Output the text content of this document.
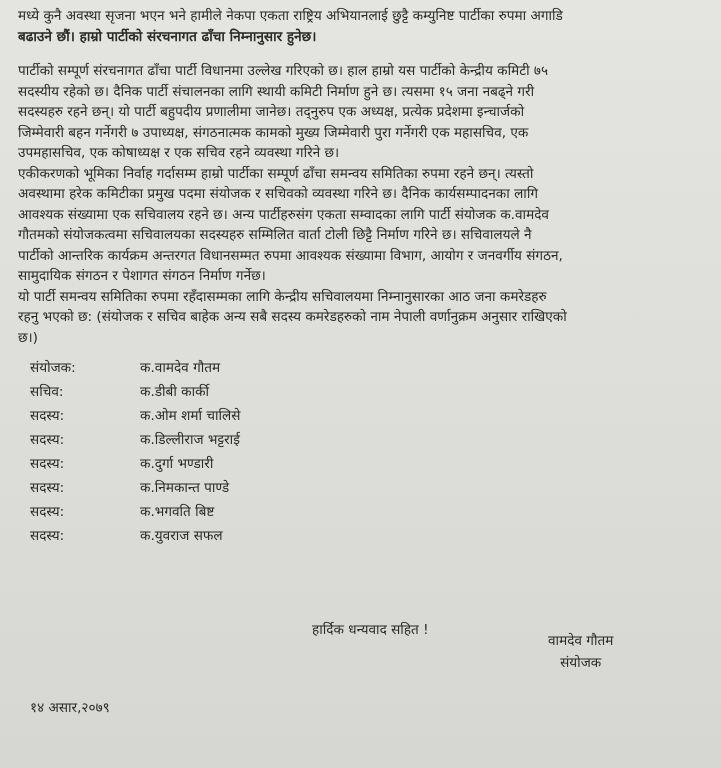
मध्ये कुनै अवस्था सृजना भएन भने हामीले नेकपा एकता राष्ट्रिय अभियानलाई छुट्टै कम्युनिष्ट पार्टीका रुपमा अगाडि
बढाउने छौं। हाम्रो पार्टीको संरचनागत ढाँचा निम्नानुसार हुनेछ।
पार्टीको सम्पूर्ण संरचनागत ढाँचा पार्टी विधानमा उल्लेख गरिएको छ। हाल हाम्रो यस पार्टीको केन्द्रीय कमिटी ७५
सदस्यीय रहेको छ। दैनिक पार्टी संचालनका लागि स्थायी कमिटी निर्माण हुने छ। त्यसमा १५ जना नबढ्ने गरी
सदस्यहरु रहने छन्। यो पार्टी बहुपदीय प्रणालीमा जानेछ। तद्नुरुप एक अध्यक्ष, प्रत्येक प्रदेशमा इन्चार्जको
जिम्मेवारी बहन गर्नेगरी ७ उपाध्यक्ष, संगठनात्मक कामको मुख्य जिम्मेवारी पुरा गर्नेगरी एक महासचिव, एक
उपमहासचिव, एक कोषाध्यक्ष र एक सचिव रहने व्यवस्था गरिने छ।
एकीकरणको भूमिका निर्वाह गर्दासम्म हाम्रो पार्टीका सम्पूर्ण ढाँचा समन्वय समितिका रुपमा रहने छन्। त्यस्तो
अवस्थामा हरेक कमिटीका प्रमुख पदमा संयोजक र सचिवको व्यवस्था गरिने छ। दैनिक कार्यसम्पादनका लागि
आवश्यक संख्यामा एक सचिवालय रहने छ। अन्य पार्टीहरुसंग एकता सम्वादका लागि पार्टी संयोजक क.वामदेव
गौतमको संयोजकत्वमा सचिवालयका सदस्यहरु सम्मिलित वार्ता टोली छिट्टै निर्माण गरिने छ। सचिवालयले नै
पार्टीको आन्तरिक कार्यक्रम अन्तरगत विधानसम्मत रुपमा आवश्यक संख्यामा विभाग, आयोग र जनवर्गीय संगठन,
सामुदायिक संगठन र पेशागत संगठन निर्माण गर्नेछ।
यो पार्टी समन्वय समितिका रुपमा रहँदासम्मका लागि केन्द्रीय सचिवालयमा निम्नानुसारका आठ जना कमरेडहरु
रहनु भएको छ: (संयोजक र सचिव बाहेक अन्य सबै सदस्य कमरेडहरुको नाम नेपाली वर्णानुक्रम अनुसार राखिएको
छ।)
संयोजक:	क.वामदेव गौतम
सचिव:	क.डीबी कार्की
सदस्य:	क.ओम शर्मा चालिसे
सदस्य:	क.डिल्लीराज भट्टराई
सदस्य:	क.दुर्गा भण्डारी
सदस्य:	क.निमकान्त पाण्डे
सदस्य:	क.भगवति बिष्ट
सदस्य:	क.युवराज सफल
हार्दिक धन्यवाद सहित !
वामदेव गौतम
संयोजक
१४ असार,२०७९
